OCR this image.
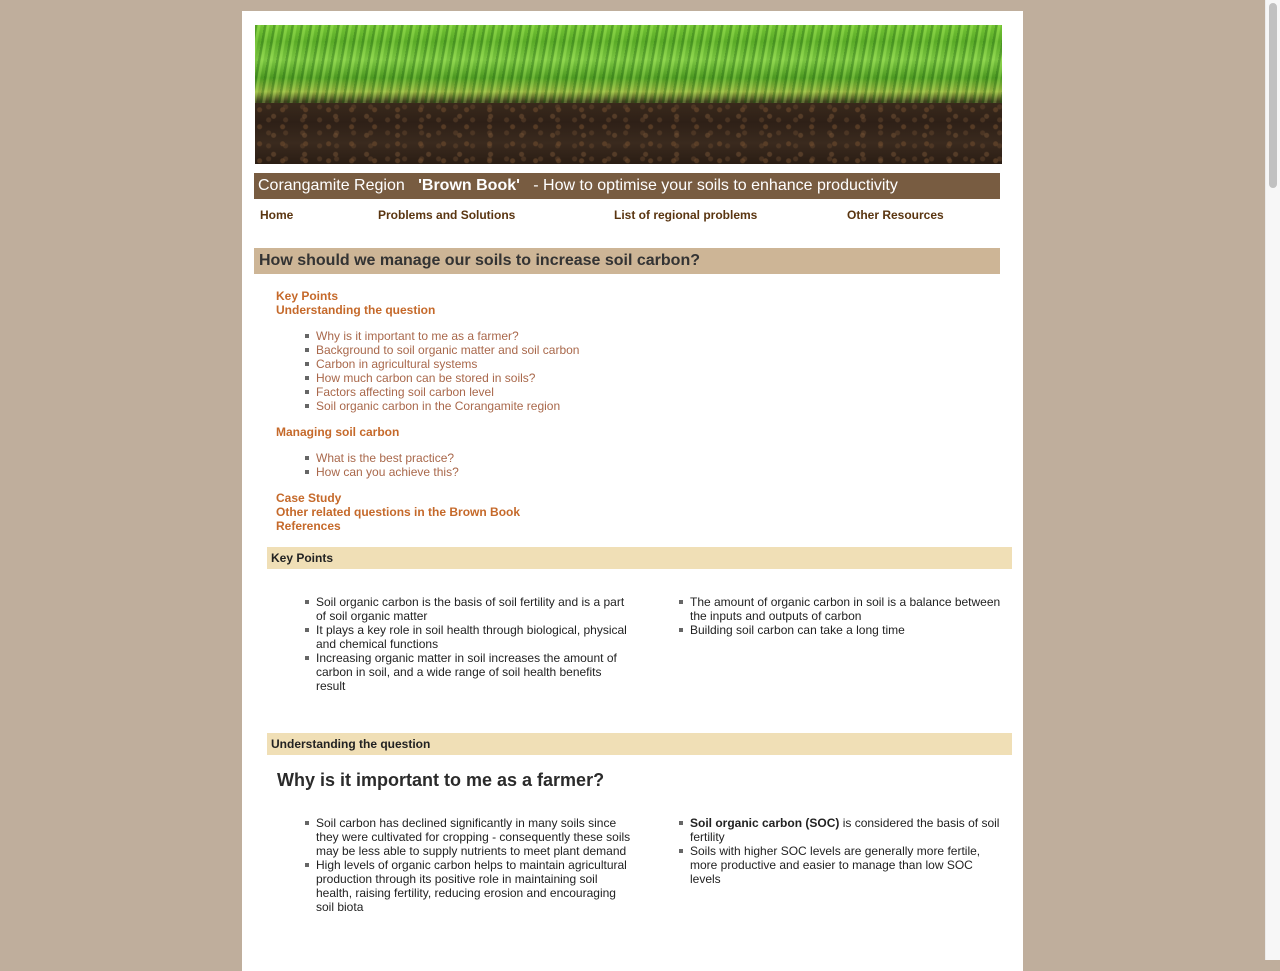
Corangamite Region 'Brown Book' - How to optimise your soils to enhance productivity
Home	Problems and Solutions	List of regional problems	Other Resources
How should we manage our soils to increase soil carbon?
Key Points
Understanding the question
Why is it important to me as a farmer?
Background to soil organic matter and soil carbon
Carbon in agricultural systems
How much carbon can be stored in soils?
Factors affecting soil carbon level
Soil organic carbon in the Corangamite region
Managing soil carbon
What is the best practice?
How can you achieve this?
Case Study
Other related questions in the Brown Book
References
Key Points
Soil organic carbon is the basis of soil fertility and is a part of soil organic matter
It plays a key role in soil health through biological, physical and chemical functions
Increasing organic matter in soil increases the amount of carbon in soil, and a wide range of soil health benefits result
The amount of organic carbon in soil is a balance between the inputs and outputs of carbon
Building soil carbon can take a long time
Understanding the question
Why is it important to me as a farmer?
Soil carbon has declined significantly in many soils since they were cultivated for cropping - consequently these soils may be less able to supply nutrients to meet plant demand
High levels of organic carbon helps to maintain agricultural production through its positive role in maintaining soil health, raising fertility, reducing erosion and encouraging soil biota
Soil organic carbon (SOC) is considered the basis of soil fertility
Soils with higher SOC levels are generally more fertile, more productive and easier to manage than low SOC levels
